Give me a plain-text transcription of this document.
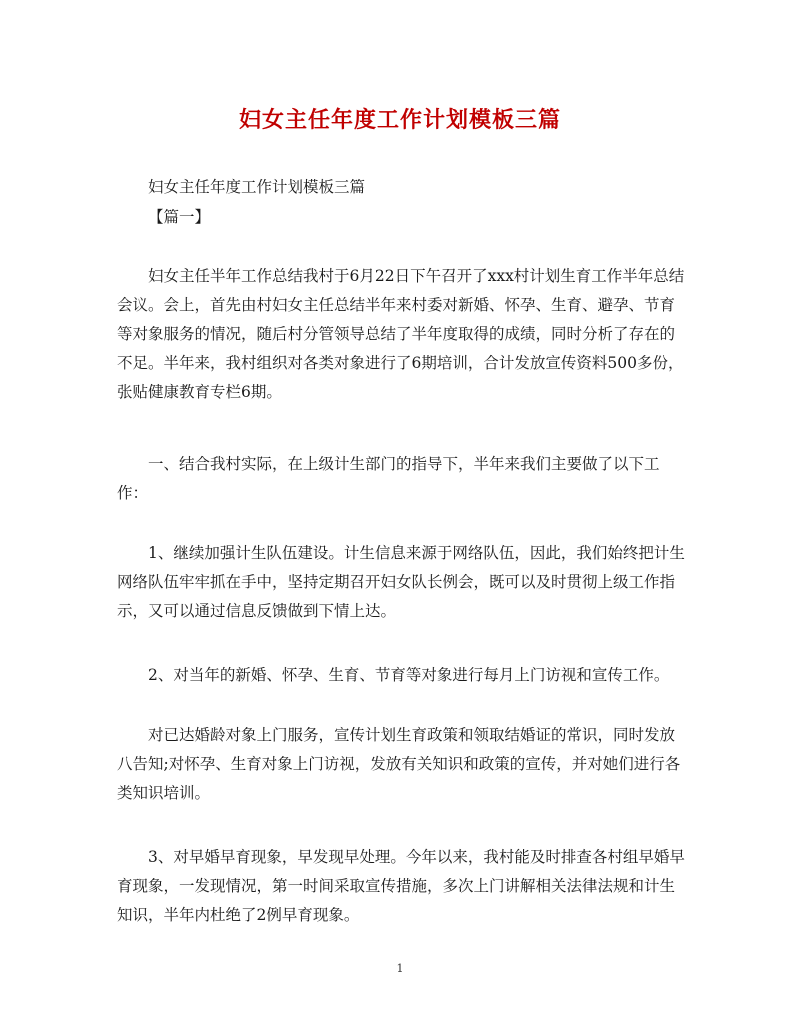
妇女主任年度工作计划模板三篇

妇女主任年度工作计划模板三篇

【篇一】

妇女主任半年工作总结我村于6月22日下午召开了xxx村计划生育工作半年总结会议。会上，首先由村妇女主任总结半年来村委对新婚、怀孕、生育、避孕、节育等对象服务的情况，随后村分管领导总结了半年度取得的成绩，同时分析了存在的不足。半年来，我村组织对各类对象进行了6期培训，合计发放宣传资料500多份，张贴健康教育专栏6期。

一、结合我村实际，在上级计生部门的指导下，半年来我们主要做了以下工作：

1、继续加强计生队伍建设。计生信息来源于网络队伍，因此，我们始终把计生网络队伍牢牢抓在手中，坚持定期召开妇女队长例会，既可以及时贯彻上级工作指示，又可以通过信息反馈做到下情上达。

2、对当年的新婚、怀孕、生育、节育等对象进行每月上门访视和宣传工作。

对已达婚龄对象上门服务，宣传计划生育政策和领取结婚证的常识，同时发放八告知;对怀孕、生育对象上门访视，发放有关知识和政策的宣传，并对她们进行各类知识培训。

3、对早婚早育现象，早发现早处理。今年以来，我村能及时排查各村组早婚早育现象，一发现情况，第一时间采取宣传措施，多次上门讲解相关法律法规和计生知识，半年内杜绝了2例早育现象。

1
